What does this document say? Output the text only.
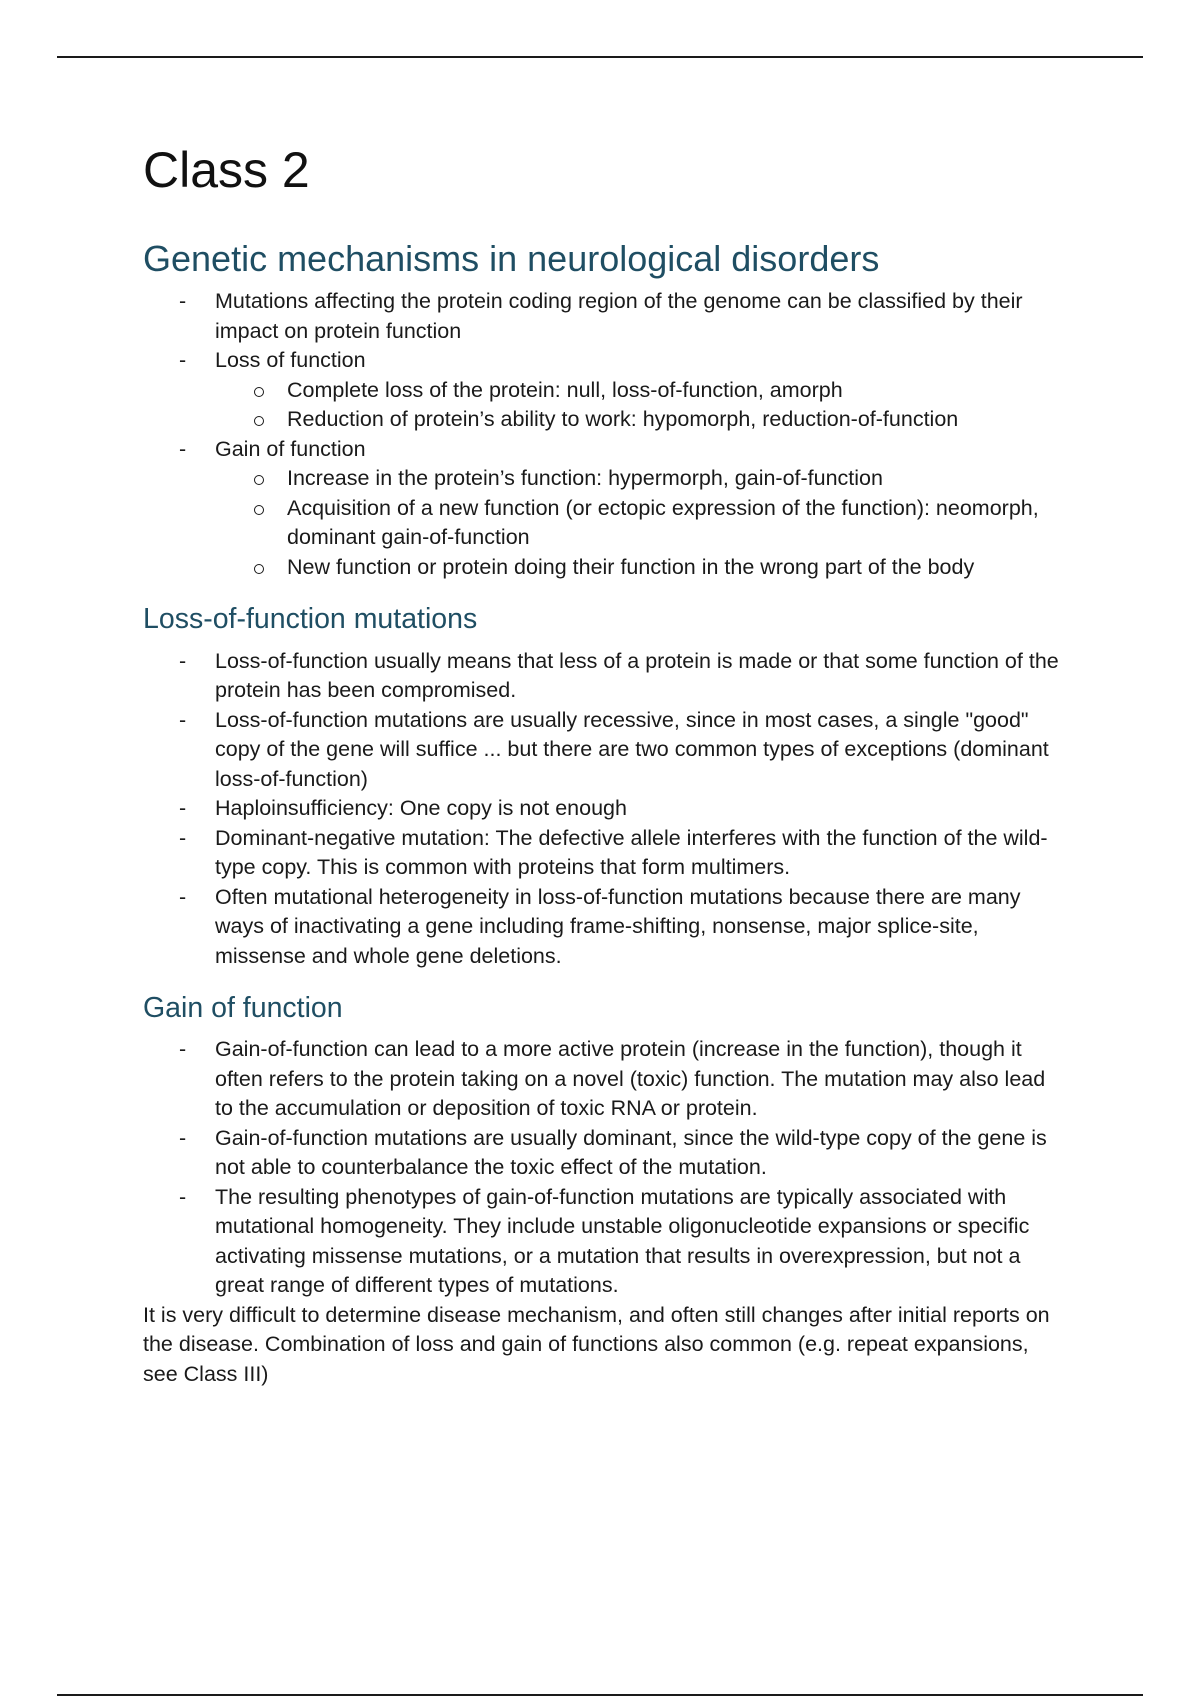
Class 2
Genetic mechanisms in neurological disorders
- Mutations affecting the protein coding region of the genome can be classified by their impact on protein function
- Loss of function
Complete loss of the protein: null, loss-of-function, amorph
Reduction of protein’s ability to work: hypomorph, reduction-of-function
- Gain of function
Increase in the protein’s function: hypermorph, gain-of-function
Acquisition of a new function (or ectopic expression of the function): neomorph, dominant gain-of-function
New function or protein doing their function in the wrong part of the body
Loss-of-function mutations
- Loss-of-function usually means that less of a protein is made or that some function of the protein has been compromised.
- Loss-of-function mutations are usually recessive, since in most cases, a single "good" copy of the gene will suffice ... but there are two common types of exceptions (dominant loss-of-function)
- Haploinsufficiency: One copy is not enough
- Dominant-negative mutation: The defective allele interferes with the function of the wild-type copy. This is common with proteins that form multimers.
- Often mutational heterogeneity in loss-of-function mutations because there are many ways of inactivating a gene including frame-shifting, nonsense, major splice-site, missense and whole gene deletions.
Gain of function
- Gain-of-function can lead to a more active protein (increase in the function), though it often refers to the protein taking on a novel (toxic) function. The mutation may also lead to the accumulation or deposition of toxic RNA or protein.
- Gain-of-function mutations are usually dominant, since the wild-type copy of the gene is not able to counterbalance the toxic effect of the mutation.
- The resulting phenotypes of gain-of-function mutations are typically associated with mutational homogeneity. They include unstable oligonucleotide expansions or specific activating missense mutations, or a mutation that results in overexpression, but not a great range of different types of mutations.

It is very difficult to determine disease mechanism, and often still changes after initial reports on the disease. Combination of loss and gain of functions also common (e.g. repeat expansions, see Class III)
